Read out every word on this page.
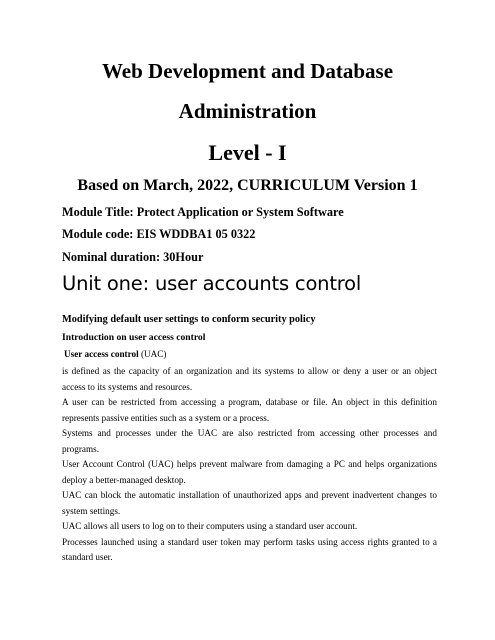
Web Development and Database
Administration
Level - I
Based on March, 2022, CURRICULUM Version 1
Module Title: Protect Application or System Software
Module code: EIS WDDBA1 05 0322
Nominal duration: 30Hour
Unit one: user accounts control
Modifying default user settings to conform security policy
Introduction on user access control
User access control (UAC)

is defined as the capacity of an organization and its systems to allow or deny a user or an object access to its systems and resources.

A user can be restricted from accessing a program, database or file. An object in this definition represents passive entities such as a system or a process.

Systems and processes under the UAC are also restricted from accessing other processes and programs.

User Account Control (UAC) helps prevent malware from damaging a PC and helps organizations deploy a better-managed desktop.

UAC can block the automatic installation of unauthorized apps and prevent inadvertent changes to system settings.

UAC allows all users to log on to their computers using a standard user account.

Processes launched using a standard user token may perform tasks using access rights granted to a standard user.
